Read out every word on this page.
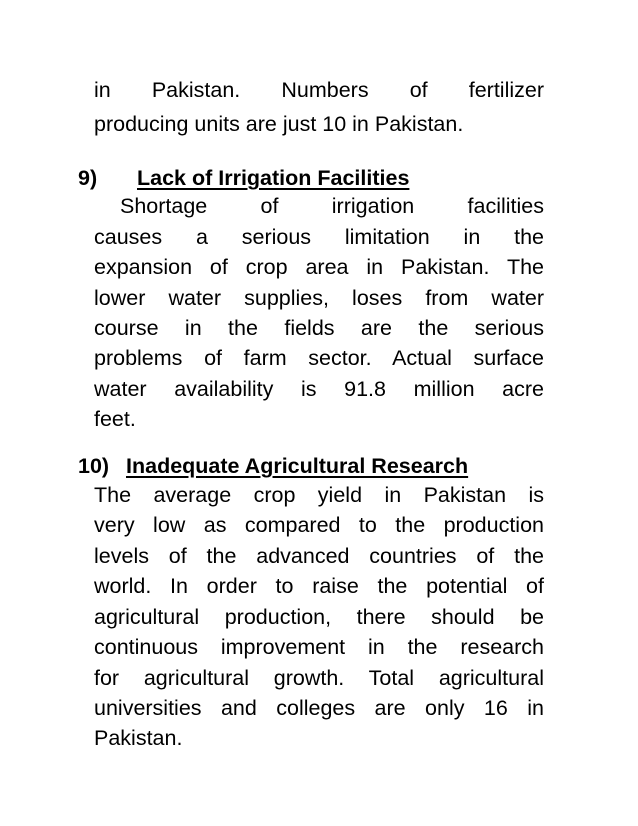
in Pakistan. Numbers of fertilizer
producing units are just 10 in Pakistan.
9) Lack of Irrigation Facilities
Shortage of irrigation facilities
causes a serious limitation in the
expansion of crop area in Pakistan. The
lower water supplies, loses from water
course in the fields are the serious
problems of farm sector. Actual surface
water availability is 91.8 million acre
feet.
10) Inadequate Agricultural Research
The average crop yield in Pakistan is
very low as compared to the production
levels of the advanced countries of the
world. In order to raise the potential of
agricultural production, there should be
continuous improvement in the research
for agricultural growth. Total agricultural
universities and colleges are only 16 in
Pakistan.
